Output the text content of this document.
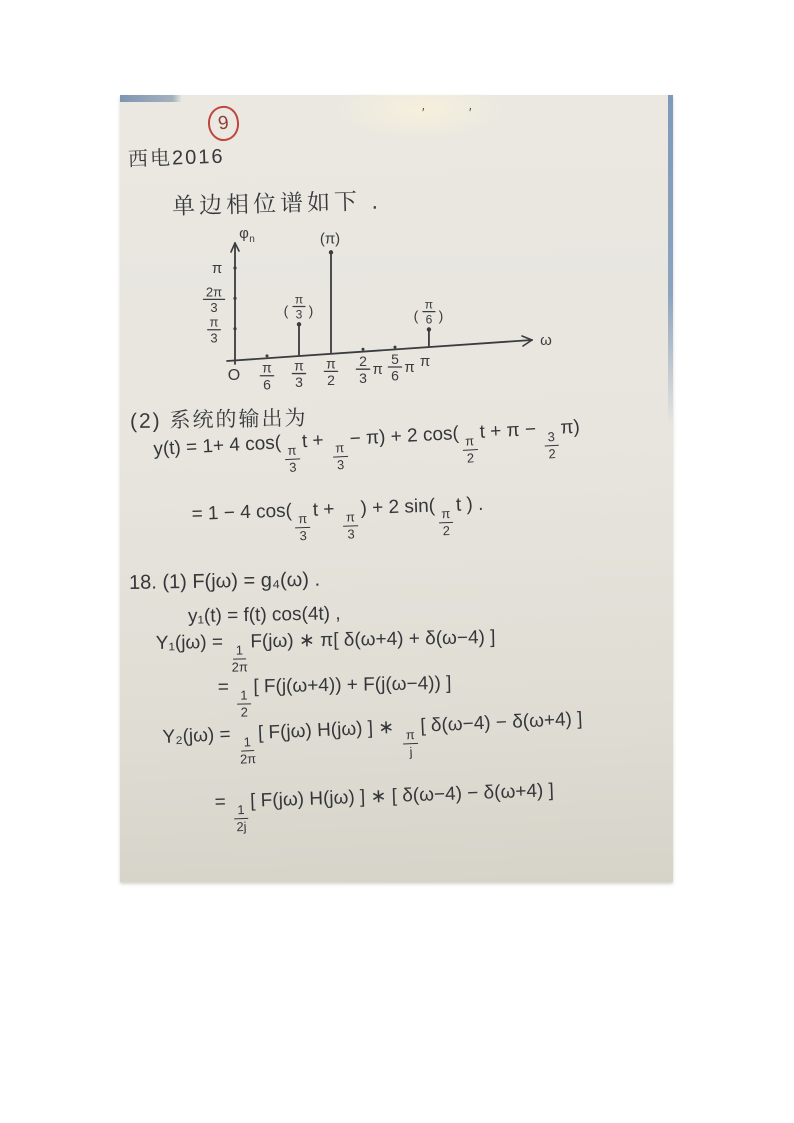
9	′	′
西电2016
单边相位谱如下 .
φ n
ω
O
π
2π
3
π
3
π
6
π
3
π
2
2
3 π
5
6 π π
(
π
3 )
(π)
(
π
6 )
(2) 系统的输出为
y(t) = 1+ 4 $\cos( \frac{\pi}{3}$
$t + \frac{\pi}{3}$
− π) + 2 $\cos( \frac{\pi}{2}$
$t + \pi - \frac{3}{2}$
π)
= 1 − 4 $\cos( \frac{\pi}{3}$
t +
$\frac{\pi}{3}$
) + 2 $\sin( \frac{\pi}{2}$
t ) .
18. (1) F(jω) = g₄(ω) .
y₁(t) = f(t) cos(4t) ,
Y₁(jω) =
$\frac{1}{2\pi}$
F(jω) ∗ π[ δ(ω+4) + δ(ω−4) ]
=
$\frac{1}{2}$
[ F(j(ω+4)) + F(j(ω−4)) ]
$Y_2(j\omega) = \frac{1}{2\pi}$
[ F(jω) H(jω) ] ∗ $\frac{\pi}{j}$
[ δ(ω−4) − δ(ω+4) ]
=
$\frac{1}{2j}$
[ F(jω) H(jω) ] ∗ [ δ(ω−4) − δ(ω+4) ]
